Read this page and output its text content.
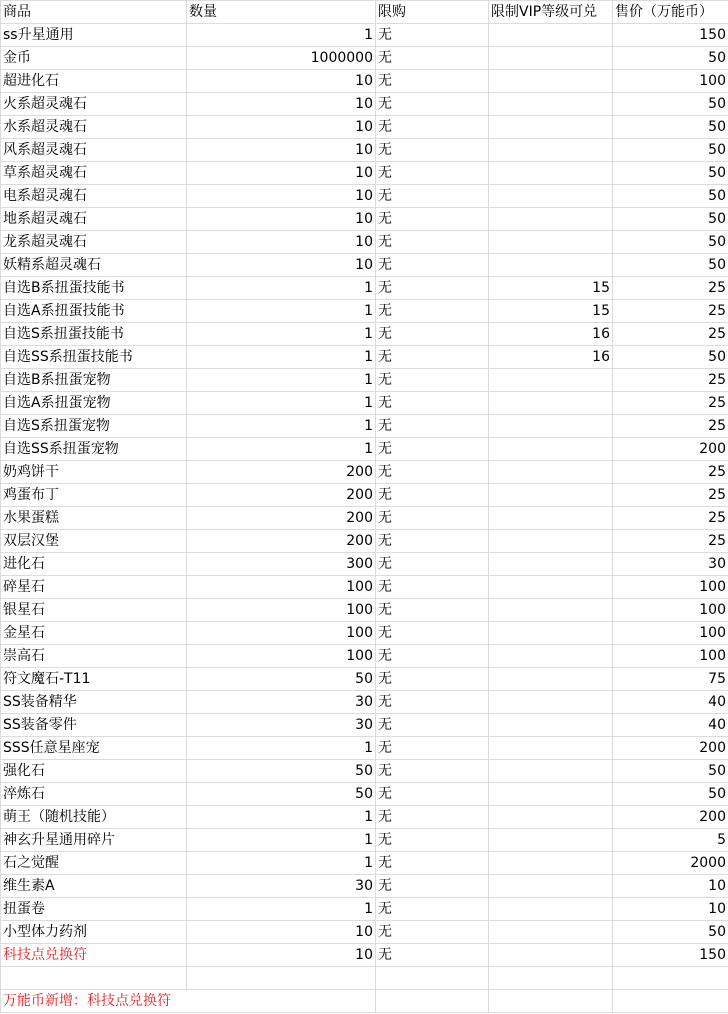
商品	数量	限购	限制VIP等级可兑	售价（万能币）
ss升星通用	1	无		150
金币	1000000	无		50
超进化石	10	无		100
火系超灵魂石	10	无		50
水系超灵魂石	10	无		50
风系超灵魂石	10	无		50
草系超灵魂石	10	无		50
电系超灵魂石	10	无		50
地系超灵魂石	10	无		50
龙系超灵魂石	10	无		50
妖精系超灵魂石	10	无		50
自选B系扭蛋技能书	1	无	15	25
自选A系扭蛋技能书	1	无	15	25
自选S系扭蛋技能书	1	无	16	25
自选SS系扭蛋技能书	1	无	16	50
自选B系扭蛋宠物	1	无		25
自选A系扭蛋宠物	1	无		25
自选S系扭蛋宠物	1	无		25
自选SS系扭蛋宠物	1	无		200
奶鸡饼干	200	无		25
鸡蛋布丁	200	无		25
水果蛋糕	200	无		25
双层汉堡	200	无		25
进化石	300	无		30
碎星石	100	无		100
银星石	100	无		100
金星石	100	无		100
崇高石	100	无		100
符文魔石-T11	50	无		75
SS装备精华	30	无		40
SS装备零件	30	无		40
SSS任意星座宠	1	无		200
强化石	50	无		50
淬炼石	50	无		50
萌王（随机技能）	1	无		200
神玄升星通用碎片	1	无		5
石之觉醒	1	无		2000
维生素A	30	无		10
扭蛋卷	1	无		10
小型体力药剂	10	无		50
科技点兑换符	10	无		150

万能币新增：科技点兑换符				
